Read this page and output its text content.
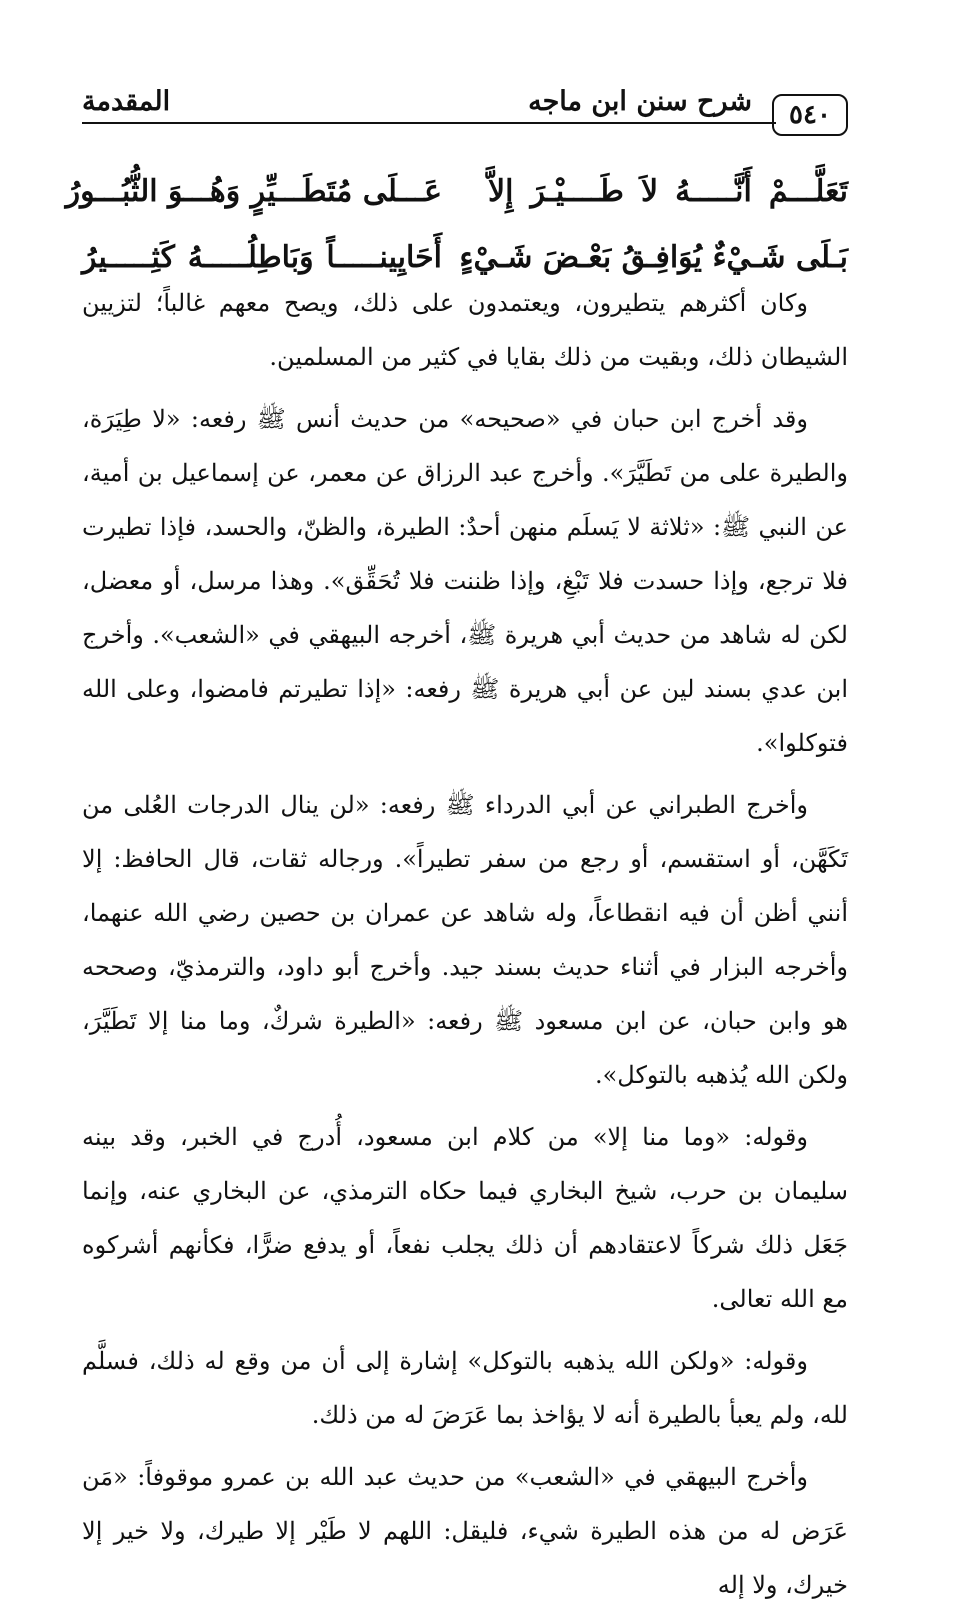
٥٤٠
شرح سنن ابن ماجه
المقدمة
تَعَلَّـــمْ أَنَّـــــهُ لاَ طَــــيْـرَ إِلاَّ
عَـــلَى مُتَطَـــيِّرٍ وَهُـــوَ الثُّبُـــورُ
بَـلَى شَـيْءٌ يُوَافِـقُ بَعْـضَ شَـيْءٍ
أَحَايِينـــــاً وَبَاطِلُـــــهُ كَثِـــــيرُ

وكان أكثرهم يتطيرون، ويعتمدون على ذلك، ويصح معهم غالباً؛ لتزيين الشيطان ذلك، وبقيت من ذلك بقايا في كثير من المسلمين.

وقد أخرج ابن حبان في «صحيحه» من حديث أنس ﷺ رفعه: «لا طِيَرَة، والطيرة على من تَطَيَّرَ». وأخرج عبد الرزاق عن معمر، عن إسماعيل بن أمية، عن النبي ﷺ: «ثلاثة لا يَسلَم منهن أحدٌ: الطيرة، والظنّ، والحسد، فإذا تطيرت فلا ترجع، وإذا حسدت فلا تَبْغِ، وإذا ظننت فلا تُحَقِّق». وهذا مرسل، أو معضل، لكن له شاهد من حديث أبي هريرة ﷺ، أخرجه البيهقي في «الشعب». وأخرج ابن عدي بسند لين عن أبي هريرة ﷺ رفعه: «إذا تطيرتم فامضوا، وعلى الله فتوكلوا».

وأخرج الطبراني عن أبي الدرداء ﷺ رفعه: «لن ينال الدرجات العُلى من تَكَهَّن، أو استقسم، أو رجع من سفر تطيراً». ورجاله ثقات، قال الحافظ: إلا أنني أظن أن فيه انقطاعاً، وله شاهد عن عمران بن حصين رضي الله عنهما، وأخرجه البزار في أثناء حديث بسند جيد. وأخرج أبو داود، والترمذيّ، وصححه هو وابن حبان، عن ابن مسعود ﷺ رفعه: «الطيرة شركٌ، وما منا إلا تَطَيَّرَ، ولكن الله يُذهبه بالتوكل».

وقوله: «وما منا إلا» من كلام ابن مسعود، أُدرج في الخبر، وقد بينه سليمان بن حرب، شيخ البخاري فيما حكاه الترمذي، عن البخاري عنه، وإنما جَعَل ذلك شركاً لاعتقادهم أن ذلك يجلب نفعاً، أو يدفع ضرًّا، فكأنهم أشركوه مع الله تعالى.

وقوله: «ولكن الله يذهبه بالتوكل» إشارة إلى أن من وقع له ذلك، فسلَّم لله، ولم يعبأ بالطيرة أنه لا يؤاخذ بما عَرَضَ له من ذلك.

وأخرج البيهقي في «الشعب» من حديث عبد الله بن عمرو موقوفاً: «مَن عَرَض له من هذه الطيرة شيء، فليقل: اللهم لا طَيْر إلا طيرك، ولا خير إلا خيرك، ولا إله
